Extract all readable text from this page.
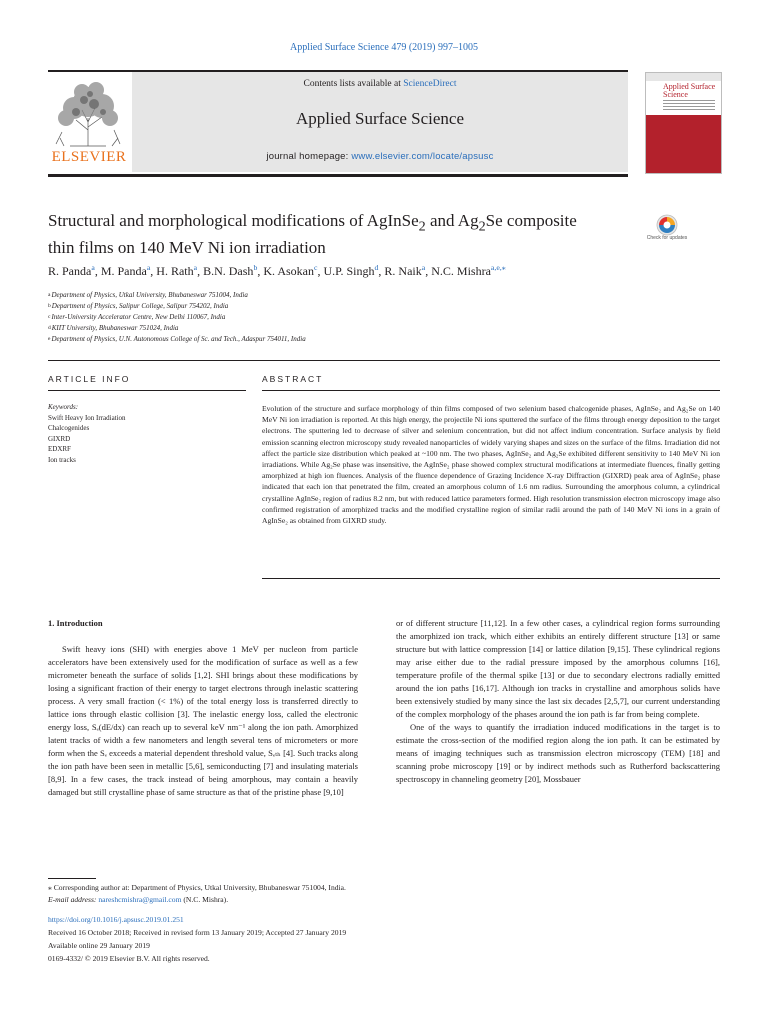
Applied Surface Science 479 (2019) 997–1005
ELSEVIER
Contents lists available at ScienceDirect
Applied Surface Science
journal homepage: www.elsevier.com/locate/apsusc
Applied Surface Science
Structural and morphological modifications of AgInSe$_2$ and $Ag_2Se$ composite
thin films on 140 MeV Ni ion irradiation
Check for updates
R. Panda$^a$, M. Panda$^a$, H. Rath$^a$, B.N. Dash$^b$, K. Asokan$^c$, U.P. Singh$^d$, R. Naik$^a$, N.C. Mishra$^{a,e,⁎}$
$^a$Department of Physics, Utkal University, Bhubaneswar 751004, India
$^b$Department of Physics, Salipur College, Salipur 754202, India
$^c$Inter-University Accelerator Centre, New Delhi 110067, India
$^d$KIIT University, Bhubaneswar 751024, India
$^e$Department of Physics, U.N. Autonomous College of Sc. and Tech., Adaspur 754011, India
ARTICLE INFO	ABSTRACT
Keywords:
Swift Heavy Ion Irradiation
Chalcogenides
GIXRD
EDXRF
Ion tracks
Evolution of the structure and surface morphology of thin films composed of two selenium based chalcogenide phases, AgInSe₂ and Ag₂Se on 140 MeV Ni ion irradiation is reported. At this high energy, the projectile Ni ions sputtered the surface of the films through energy deposition to the target electrons. The sputtering led to decrease of silver and selenium concentration, but did not affect indium concentration. Surface analysis by field emission scanning electron microscopy study revealed nanoparticles of widely varying shapes and sizes on the surface of the films. Irradiation did not affect the particle size distribution which peaked at ~100 nm. The two phases, AgInSe₂ and Ag₂Se exhibited different sensitivity to 140 MeV Ni ion irradiations. While Ag₂Se phase was insensitive, the AgInSe₂ phase showed complex structural modifications at intermediate fluences, finally getting amorphized at high ion fluences. Analysis of the fluence dependence of Grazing Incidence X-ray Diffraction (GIXRD) peak area of AgInSe₂ phase indicated that each ion that penetrated the film, created an amorphous column of 1.6 nm radius. Surrounding the amorphous column, a cylindrical crystalline AgInSe₂ region of radius 8.2 nm, but with reduced lattice parameters formed. High resolution transmission electron microscopy image also confirmed registration of amorphized tracks and the modified crystalline region of similar radii around the path of 140 MeV Ni ions in a grain of AgInSe₂ as obtained from GIXRD study.
1. Introduction

Swift heavy ions (SHI) with energies above 1 MeV per nucleon from particle accelerators have been extensively used for the modification of surface as well as a few micrometer beneath the surface of solids [1,2]. SHI brings about these modifications by losing a significant fraction of their energy to target electrons through inelastic scattering process. A very small fraction (< 1%) of the total energy loss is transferred directly to lattice ions through elastic collision [3]. The inelastic energy loss, called the electronic energy loss, Sₑ(dE/dx) can reach up to several keV nm⁻¹ along the ion path. Amorphized latent tracks of width a few nanometers and length several tens of micrometers or more form when the Sₑ exceeds a material dependent threshold value, Sₑₜₕ [4]. Such tracks along the ion path have been seen in metallic [5,6], semiconducting [7] and insulating materials [8,9]. In a few cases, the track instead of being amorphous, may contain a heavily damaged but still crystalline phase of same structure as that of the pristine phase [9,10]

or of different structure [11,12]. In a few other cases, a cylindrical region forms surrounding the amorphized ion track, which either exhibits an entirely different structure [13] or same structure but with lattice compression [14] or lattice dilation [9,15]. These cylindrical regions may arise either due to the radial pressure imposed by the amorphous columns [16], temperature profile of the thermal spike [13] or due to secondary electrons radially emitted around the ion paths [16,17]. Although ion tracks in crystalline and amorphous solids have been extensively studied by many since the last six decades [2,5,7], our current understanding of the complex morphology of the phases around the ion path is far from being complete.

One of the ways to quantify the irradiation induced modifications in the target is to estimate the cross-section of the modified region along the ion path. It can be estimated by means of imaging techniques such as transmission electron microscopy (TEM) [18] and scanning probe microscopy [19] or by indirect methods such as Rutherford backscattering spectroscopy in channeling geometry [20], Mossbauer

⁎ Corresponding author at: Department of Physics, Utkal University, Bhubaneswar 751004, India.
E-mail address: nareshcmishra@gmail.com (N.C. Mishra).
https://doi.org/10.1016/j.apsusc.2019.01.251
Received 16 October 2018; Received in revised form 13 January 2019; Accepted 27 January 2019
Available online 29 January 2019
0169-4332/ © 2019 Elsevier B.V. All rights reserved.
